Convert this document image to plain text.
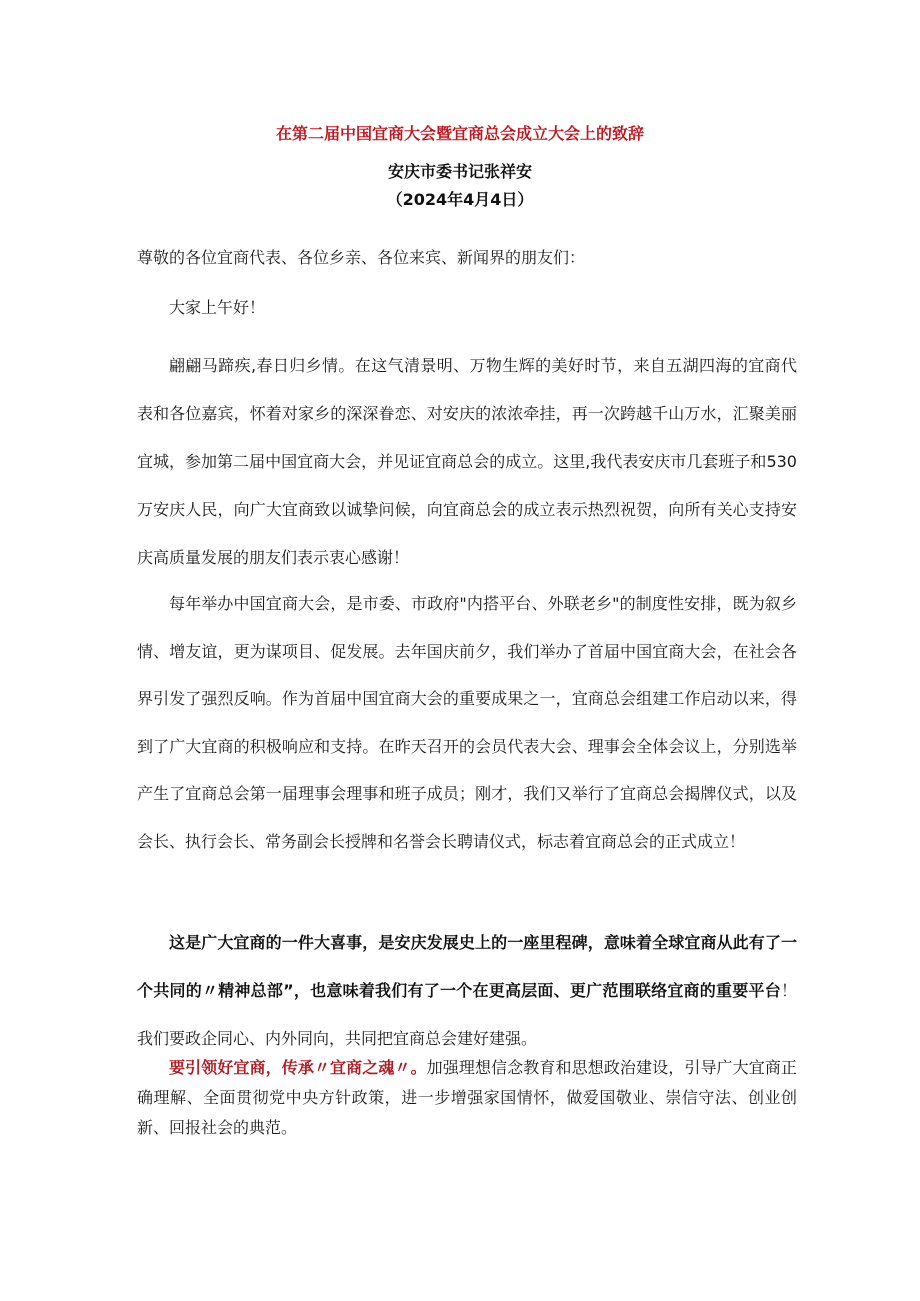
在第二届中国宜商大会暨宜商总会成立大会上的致辞
安庆市委书记张祥安
（2024年4月4日）
尊敬的各位宜商代表、各位乡亲、各位来宾、新闻界的朋友们：
大家上午好！
翩翩马蹄疾,春日归乡情。在这气清景明、万物生辉的美好时节，来自五湖四海的宜商代表和各位嘉宾，怀着对家乡的深深眷恋、对安庆的浓浓牵挂，再一次跨越千山万水，汇聚美丽宜城，参加第二届中国宜商大会，并见证宜商总会的成立。这里,我代表安庆市几套班子和530万安庆人民，向广大宜商致以诚挚问候，向宜商总会的成立表示热烈祝贺，向所有关心支持安庆高质量发展的朋友们表示衷心感谢！
每年举办中国宜商大会，是市委、市政府"内搭平台、外联老乡"的制度性安排，既为叙乡情、增友谊，更为谋项目、促发展。去年国庆前夕，我们举办了首届中国宜商大会，在社会各界引发了强烈反响。作为首届中国宜商大会的重要成果之一，宜商总会组建工作启动以来，得到了广大宜商的积极响应和支持。在昨天召开的会员代表大会、理事会全体会议上，分别选举产生了宜商总会第一届理事会理事和班子成员；刚才，我们又举行了宜商总会揭牌仪式，以及会长、执行会长、常务副会长授牌和名誉会长聘请仪式，标志着宜商总会的正式成立！
这是广大宜商的一件大喜事，是安庆发展史上的一座里程碑，意味着全球宜商从此有了一个共同的〃精神总部”，也意味着我们有了一个在更高层面、更广范围联络宜商的重要平台！我们要政企同心、内外同向，共同把宜商总会建好建强。
要引领好宜商，传承〃宜商之魂〃。加强理想信念教育和思想政治建设，引导广大宜商正确理解、全面贯彻党中央方针政策，进一步增强家国情怀，做爱国敬业、崇信守法、创业创新、回报社会的典范。
